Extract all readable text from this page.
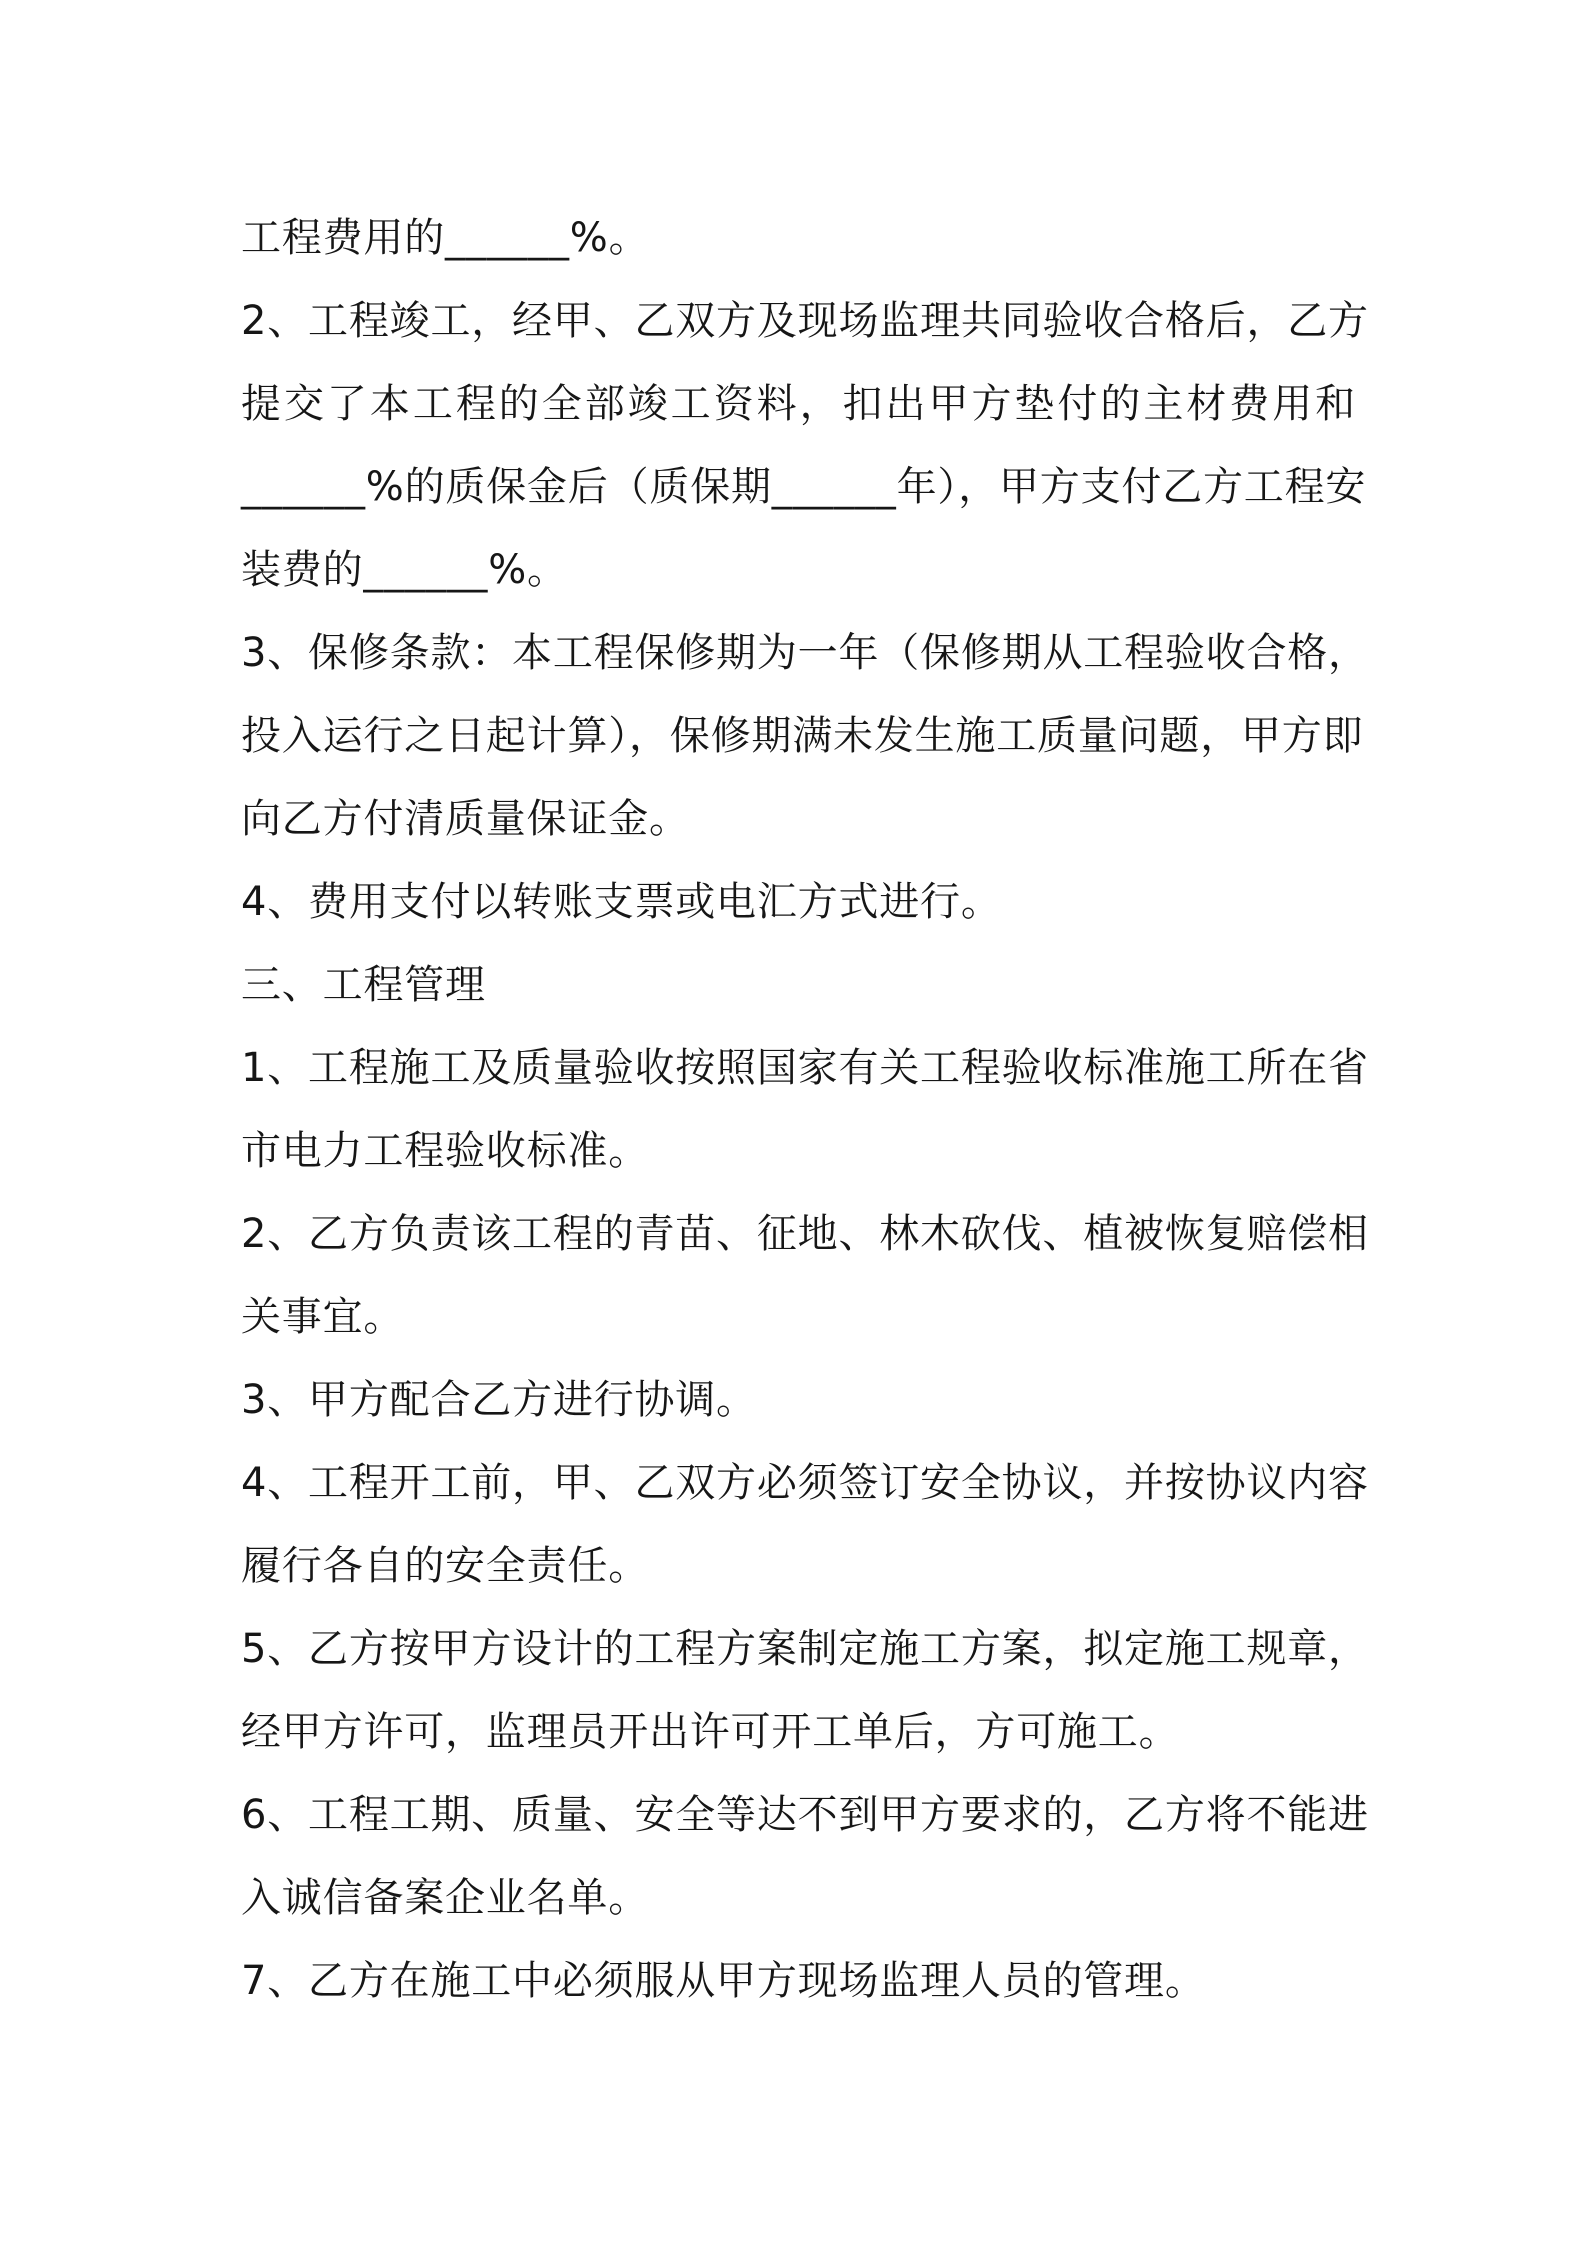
工程费用的______%。
2、工程竣工，经甲、乙双方及现场监理共同验收合格后，乙方
提交了本工程的全部竣工资料，扣出甲方垫付的主材费用和
______%的质保金后（质保期______年），甲方支付乙方工程安
装费的______%。
3、保修条款：本工程保修期为一年（保修期从工程验收合格，
投入运行之日起计算），保修期满未发生施工质量问题，甲方即
向乙方付清质量保证金。
4、费用支付以转账支票或电汇方式进行。
三、工程管理
1、工程施工及质量验收按照国家有关工程验收标准施工所在省
市电力工程验收标准。
2、乙方负责该工程的青苗、征地、林木砍伐、植被恢复赔偿相
关事宜。
3、甲方配合乙方进行协调。
4、工程开工前，甲、乙双方必须签订安全协议，并按协议内容
履行各自的安全责任。
5、乙方按甲方设计的工程方案制定施工方案，拟定施工规章，
经甲方许可，监理员开出许可开工单后，方可施工。
6、工程工期、质量、安全等达不到甲方要求的，乙方将不能进
入诚信备案企业名单。
7、乙方在施工中必须服从甲方现场监理人员的管理。
